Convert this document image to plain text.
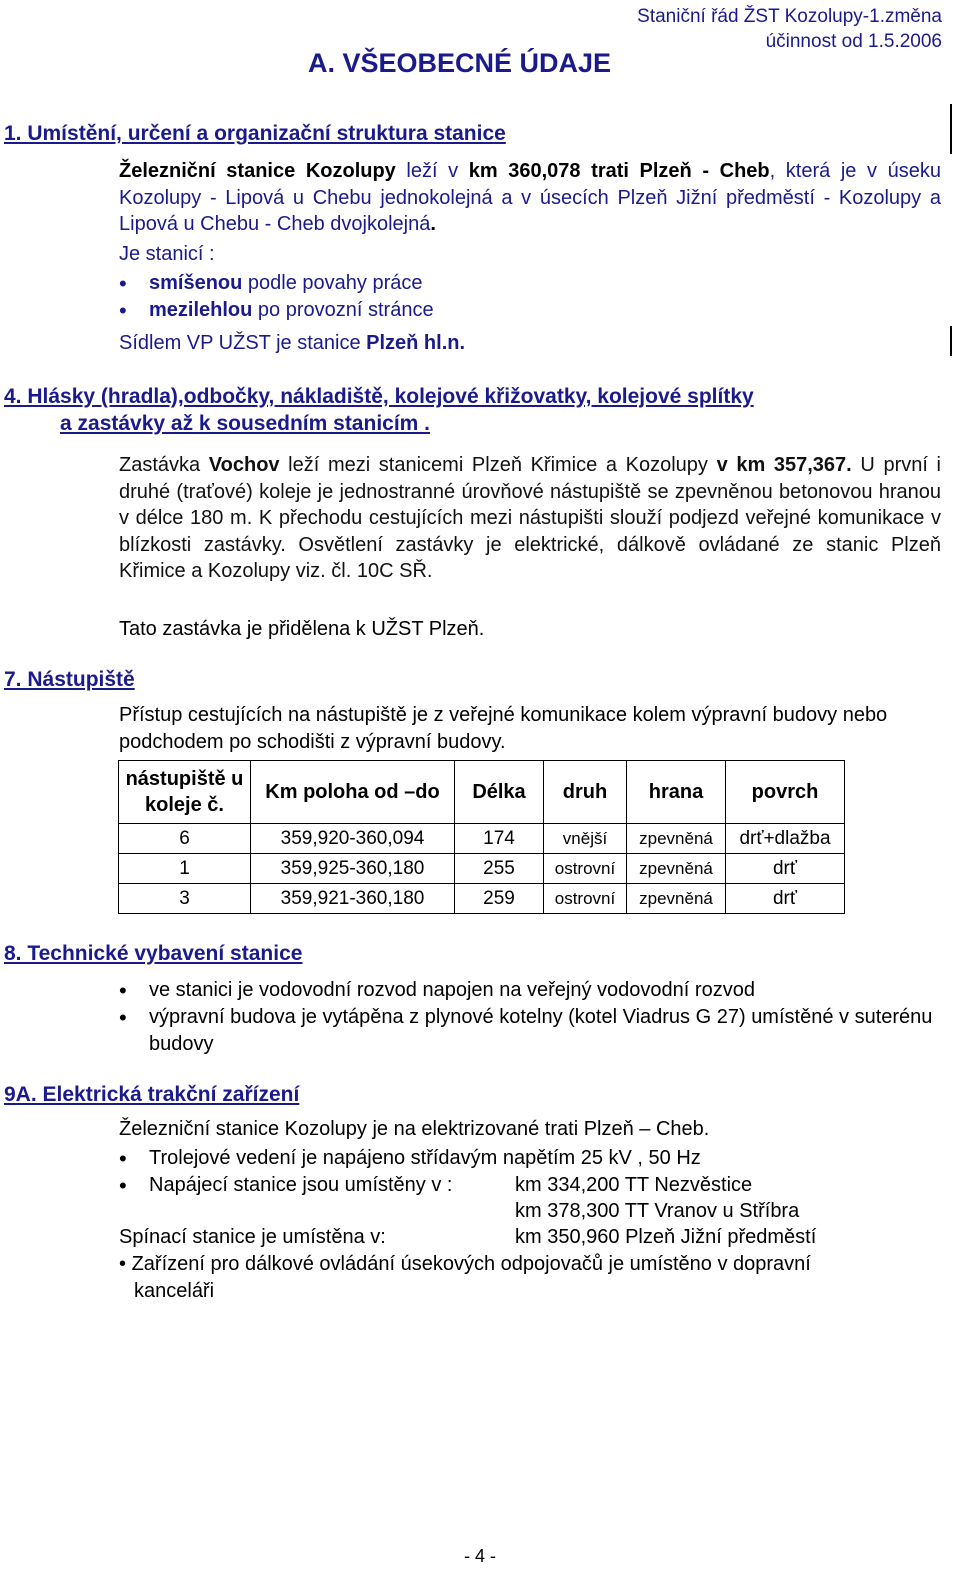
Staniční řád ŽST Kozolupy-1.změna
účinnost od 1.5.2006
A. VŠEOBECNÉ ÚDAJE
1. Umístění, určení a organizační struktura stanice
Železniční stanice Kozolupy leží v km 360,078 trati Plzeň - Cheb, která je v úseku Kozolupy - Lipová u Chebu jednokolejná a v úsecích Plzeň Jižní předměstí - Kozolupy a Lipová u Chebu - Cheb dvojkolejná.
Je stanicí :
• smíšenou podle povahy práce
• mezilehlou po provozní stránce
Sídlem VP UŽST je stanice Plzeň hl.n.
4. Hlásky (hradla),odbočky, nákladiště, kolejové křižovatky, kolejové splítky
a zastávky až k sousedním stanicím .
Zastávka Vochov leží mezi stanicemi Plzeň Křimice a Kozolupy v km 357,367. U první i druhé (traťové) koleje je jednostranné úrovňové nástupiště se zpevněnou betonovou hranou v délce 180 m. K přechodu cestujících mezi nástupišti slouží podjezd veřejné komunikace v blízkosti zastávky. Osvětlení zastávky je elektrické, dálkově ovládané ze stanic Plzeň Křimice a Kozolupy viz. čl. 10C SŘ.
Tato zastávka je přidělena k UŽST Plzeň.
7. Nástupiště
Přístup cestujících na nástupiště je z veřejné komunikace kolem výpravní budovy nebo podchodem po schodišti z výpravní budovy.
nástupiště u koleje č.	Km poloha od –do	Délka	druh	hrana	povrch
6	359,920-360,094	174	vnější	zpevněná	drť+dlažba
1	359,925-360,180	255	ostrovní	zpevněná	drť
3	359,921-360,180	259	ostrovní	zpevněná	drť
8. Technické vybavení stanice
• ve stanici je vodovodní rozvod napojen na veřejný vodovodní rozvod
• výpravní budova je vytápěna z plynové kotelny (kotel Viadrus G 27) umístěné v suterénu budovy
9A. Elektrická trakční zařízení
Železniční stanice Kozolupy je na elektrizované trati Plzeň – Cheb.
• Trolejové vedení je napájeno střídavým napětím 25 kV , 50 Hz
• Napájecí stanice jsou umístěny v :	km 334,200 TT Nezvěstice
km 378,300 TT Vranov u Stříbra
Spínací stanice je umístěna v:	km 350,960 Plzeň Jižní předměstí
• Zařízení pro dálkové ovládání úsekových odpojovačů je umístěno v dopravní
kanceláři
- 4 -
